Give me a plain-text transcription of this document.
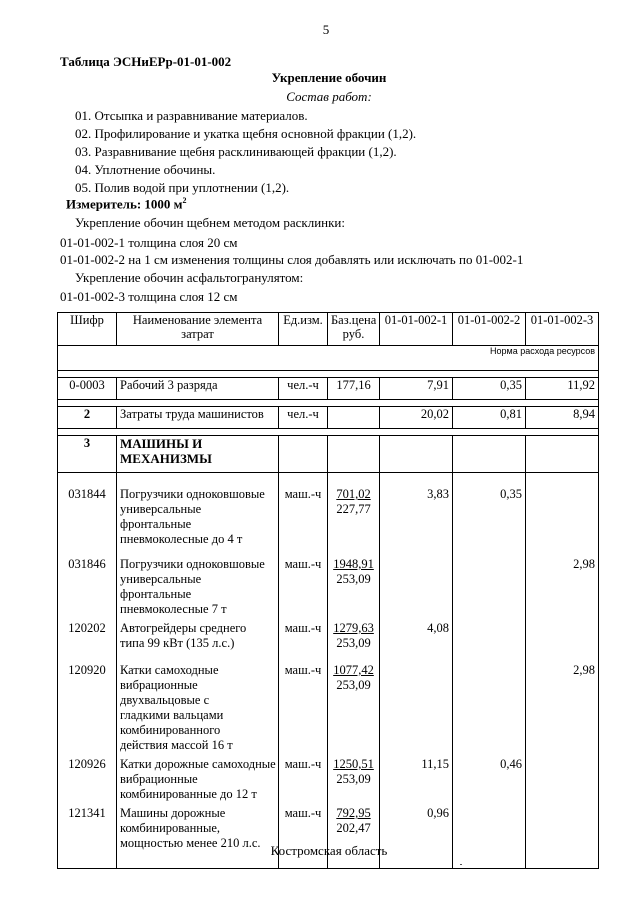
5
Таблица ЭСНиЕРр-01-01-002
Укрепление обочин
Состав работ:
01. Отсыпка и разравнивание материалов.
02. Профилирование и укатка щебня основной фракции (1,2).
03. Разравнивание щебня расклинивающей фракции (1,2).
04. Уплотнение обочины.
05. Полив водой при уплотнении (1,2).
Измеритель: 1000 $м^2$
Укрепление обочин щебнем методом расклинки:
01-01-002-1 толщина слоя 20 см
01-01-002-2 на 1 см изменения толщины слоя добавлять или исключать по 01-002-1
Укрепление обочин асфальтогранулятом:
01-01-002-3 толщина слоя 12 см
Шифр	Наименование элемента затрат	Ед.изм.	Баз.цена руб.	01-01-002-1	01-01-002-2	01-01-002-3
Норма расхода ресурсов						

0-0003	Рабочий 3 разряда	чел.-ч	177,16	7,91	0,35	11,92

2	Затраты труда машинистов	чел.-ч		20,02	0,81	8,94

3	МАШИНЫ И МЕХАНИЗМЫ					
031844	Погрузчики одноковшовые универсальные фронтальные пневмоколесные до 4 т	маш.-ч	701,02
227,77	3,83	0,35	
031846	Погрузчики одноковшовые универсальные фронтальные пневмоколесные 7 т	маш.-ч	1948,91
253,09			2,98
120202	Автогрейдеры среднего типа 99 кВт (135 л.с.)	маш.-ч	1279,63
253,09	4,08		
120920	Катки самоходные вибрационные двухвальцовые с гладкими вальцами комбинированного действия массой 16 т	маш.-ч	1077,42
253,09			2,98
120926	Катки дорожные самоходные вибрационные комбинированные до 12 т	маш.-ч	1250,51
253,09	11,15	0,46	
121341	Машины дорожные комбинированные, мощностью менее 210 л.с.	маш.-ч	792,95
202,47	0,96		
Костромская область
